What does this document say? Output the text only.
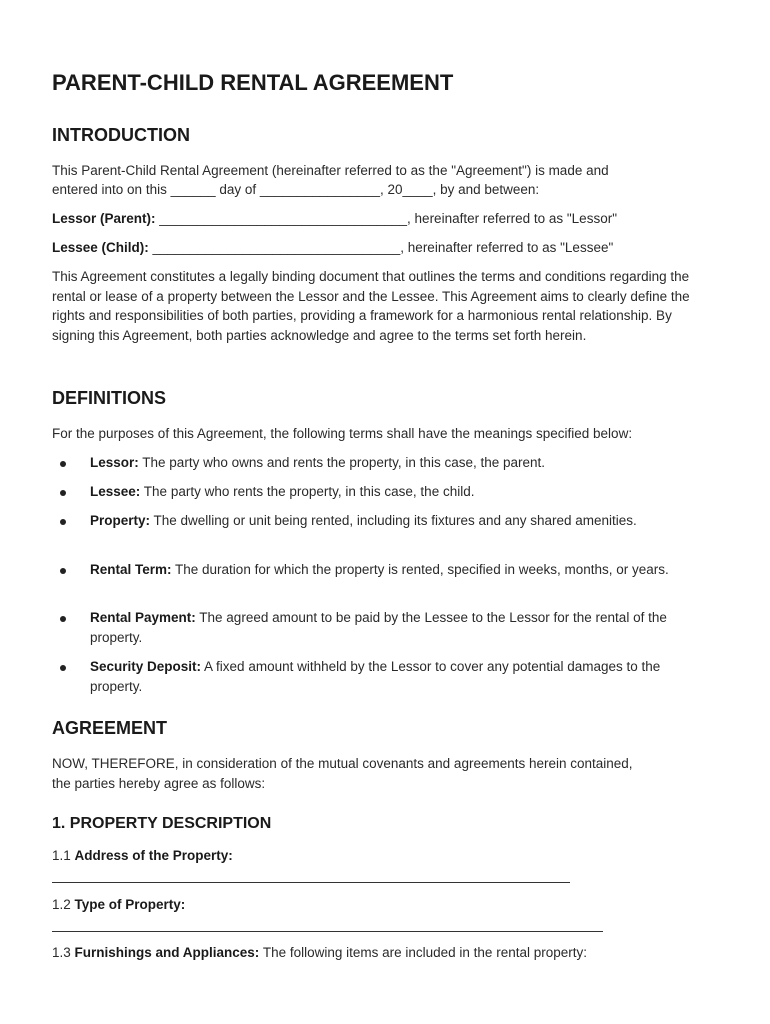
PARENT-CHILD RENTAL AGREEMENT
INTRODUCTION
This Parent-Child Rental Agreement (hereinafter referred to as the "Agreement") is made and
entered into on this ______ day of ________________, 20____, by and between:
Lessor (Parent): _________________________________, hereinafter referred to as "Lessor"
Lessee (Child): _________________________________, hereinafter referred to as "Lessee"

This Agreement constitutes a legally binding document that outlines the terms and conditions regarding the rental or lease of a property between the Lessor and the Lessee. This Agreement aims to clearly define the rights and responsibilities of both parties, providing a framework for a harmonious rental relationship. By signing this Agreement, both parties acknowledge and agree to the terms set forth herein.

DEFINITIONS
For the purposes of this Agreement, the following terms shall have the meanings specified below:

Lessor: The party who owns and rents the property, in this case, the parent.

Lessee: The party who rents the property, in this case, the child.

Property: The dwelling or unit being rented, including its fixtures and any shared amenities.

Rental Term: The duration for which the property is rented, specified in weeks, months, or years.

Rental Payment: The agreed amount to be paid by the Lessee to the Lessor for the rental of the property.

Security Deposit: A fixed amount withheld by the Lessor to cover any potential damages to the property.

AGREEMENT

NOW, THEREFORE, in consideration of the mutual covenants and agreements herein contained, the parties hereby agree as follows:

1. PROPERTY DESCRIPTION
1.1 Address of the Property:
1.2 Type of Property:
1.3 Furnishings and Appliances: The following items are included in the rental property:
